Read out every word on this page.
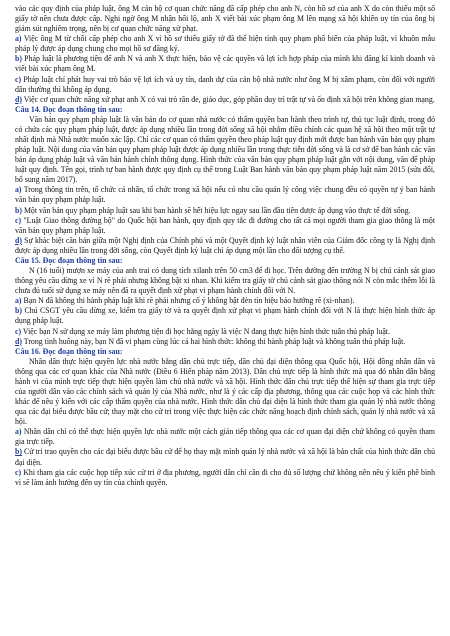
vào các quy định của pháp luật, ông M cán bộ cơ quan chức năng đã cấp phép cho anh N, còn hồ sơ của anh X do còn thiếu một số giấy tờ nên chưa được cấp. Nghi ngờ ông M nhận hối lộ, anh X viết bài xúc phạm ông M lên mạng xã hội khiến uy tín của ông bị giảm sút nghiêm trọng, nên bị cơ quan chức năng xử phạt.

a) Việc ông M từ chối cấp phép cho anh X vì hồ sơ thiếu giấy tờ đã thể hiện tính quy phạm phổ biến của pháp luật, vì khuôn mẫu pháp lý được áp dụng chung cho mọi hồ sơ đăng ký.

b) Pháp luật là phương tiện để anh N và anh X thực hiện, bảo vệ các quyền và lợi ích hợp pháp của mình khi đăng kí kinh doanh và viết bài xúc phạm ông M.

c) Pháp luật chỉ phát huy vai trò bảo vệ lợi ích và uy tín, danh dự của cán bộ nhà nước như ông M bị xâm phạm, còn đối với người dân thường thì không áp dụng.

d) Việc cơ quan chức năng xử phạt anh X có vai trò răn đe, giáo dục, góp phần duy trì trật tự và ổn định xã hội trên không gian mạng.

Câu 14. Đọc đoạn thông tin sau:

Văn bản quy phạm pháp luật là văn bản do cơ quan nhà nước có thẩm quyền ban hành theo trình tự, thủ tục luật định, trong đó có chứa các quy phạm pháp luật, được áp dụng nhiều lần trong đời sống xã hội nhằm điều chỉnh các quan hệ xã hội theo một trật tự nhất định mà Nhà nước muốn xác lập. Chỉ các cơ quan có thẩm quyền theo pháp luật quy định mới được ban hành văn bản quy phạm pháp luật. Nội dung của văn bản quy phạm pháp luật được áp dụng nhiều lần trong thực tiễn đời sống và là cơ sở để ban hành các văn bản áp dụng pháp luật và văn bản hành chính thông dụng. Hình thức của văn bản quy phạm pháp luật gắn với nội dung, văn để pháp luật quy định. Tên gọi, trình tự ban hành được quy định cụ thể trong Luật Ban hành văn bản quy phạm pháp luật năm 2015 (sửa đổi, bổ sung năm 2017).

a) Trong thông tin trên, tổ chức cá nhân, tổ chức trong xã hội nếu có nhu cầu quản lý công việc chung đều có quyền tự ý ban hành văn bản quy phạm pháp luật.

b) Một văn bản quy phạm pháp luật sau khi ban hành sẽ hết hiệu lực ngay sau lần đầu tiên được áp dụng vào thực tế đời sống.

c) "Luật Giao thông đường bộ" do Quốc hội ban hành, quy định quy tắc đi đường cho tất cả mọi người tham gia giao thông là một văn bản quy phạm pháp luật.

d) Sự khác biệt căn bản giữa một Nghị định của Chính phủ và một Quyết định kỷ luật nhân viên của Giám đốc công ty là Nghị định được áp dụng nhiều lần trong đời sống, còn Quyết định kỷ luật chỉ áp dụng một lần cho đối tượng cụ thể.

Câu 15. Đọc đoạn thông tin sau:

N (16 tuổi) mượn xe máy của anh trai có dung tích xilanh trên 50 cm3 để đi học. Trên đường đến trường N bị chú cảnh sát giao thông yêu cầu dừng xe vì N rẽ phải nhưng không bật xi nhan. Khi kiểm tra giấy tờ chú cảnh sát giao thông nói N còn mắc thêm lỗi là chưa đủ tuổi sử dụng xe máy nên đã ra quyết định xử phạt vi phạm hành chính đối với N.

a) Bạn N đã không thi hành pháp luật khi rẽ phải nhưng cố ý không bật đèn tín hiệu báo hướng rẽ (xi-nhan).

b) Chú CSGT yêu cầu dừng xe, kiểm tra giấy tờ và ra quyết định xử phạt vi phạm hành chính đối với N là thực hiện hình thức áp dụng pháp luật.

c) Việc bạn N sử dụng xe máy làm phương tiện đi học hằng ngày là việc N đang thực hiện hình thức tuân thủ pháp luật.

d) Trong tình huống này, bạn N đã vi phạm cùng lúc cả hai hình thức: không thi hành pháp luật và không tuân thủ pháp luật.

Câu 16. Đọc đoạn thông tin sau:

Nhân dân thực hiện quyền lực nhà nước bằng dân chủ trực tiếp, dân chủ đại diện thông qua Quốc hội, Hội đồng nhân dân và thông qua các cơ quan khác của Nhà nước (Điều 6 Hiến pháp năm 2013). Dân chủ trực tiếp là hình thức mà qua đó nhân dân bằng hành vi của mình trực tiếp thực hiện quyền làm chủ nhà nước và xã hội. Hình thức dân chủ trực tiếp thể hiện sự tham gia trực tiếp của người dân vào các chính sách và quản lý của Nhà nước, như là ý các cấp địa phương, thông qua các cuộc họp và các hình thức khác để nêu ý kiến với các cấp thẩm quyền của nhà nước. Hình thức dân chủ đại diện là hình thức tham gia quản lý nhà nước thông qua các đại biểu được bầu cử; thay mặt cho cử tri trong việc thực hiện các chức năng hoạch định chính sách, quản lý nhà nước và xã hội.

a) Nhân dân chỉ có thể thực hiện quyền lực nhà nước một cách gián tiếp thông qua các cơ quan đại diện chứ không có quyền tham gia trực tiếp.

b) Cử tri trao quyền cho các đại biểu được bầu cử để họ thay mặt mình quản lý nhà nước và xã hội là bản chất của hình thức dân chủ đại diện.

c) Khi tham gia các cuộc họp tiếp xúc cử tri ở địa phương, người dân chỉ cần đi cho đủ số lượng chứ không nên nêu ý kiến phê bình vì sẽ làm ảnh hưởng đến uy tín của chính quyền.
